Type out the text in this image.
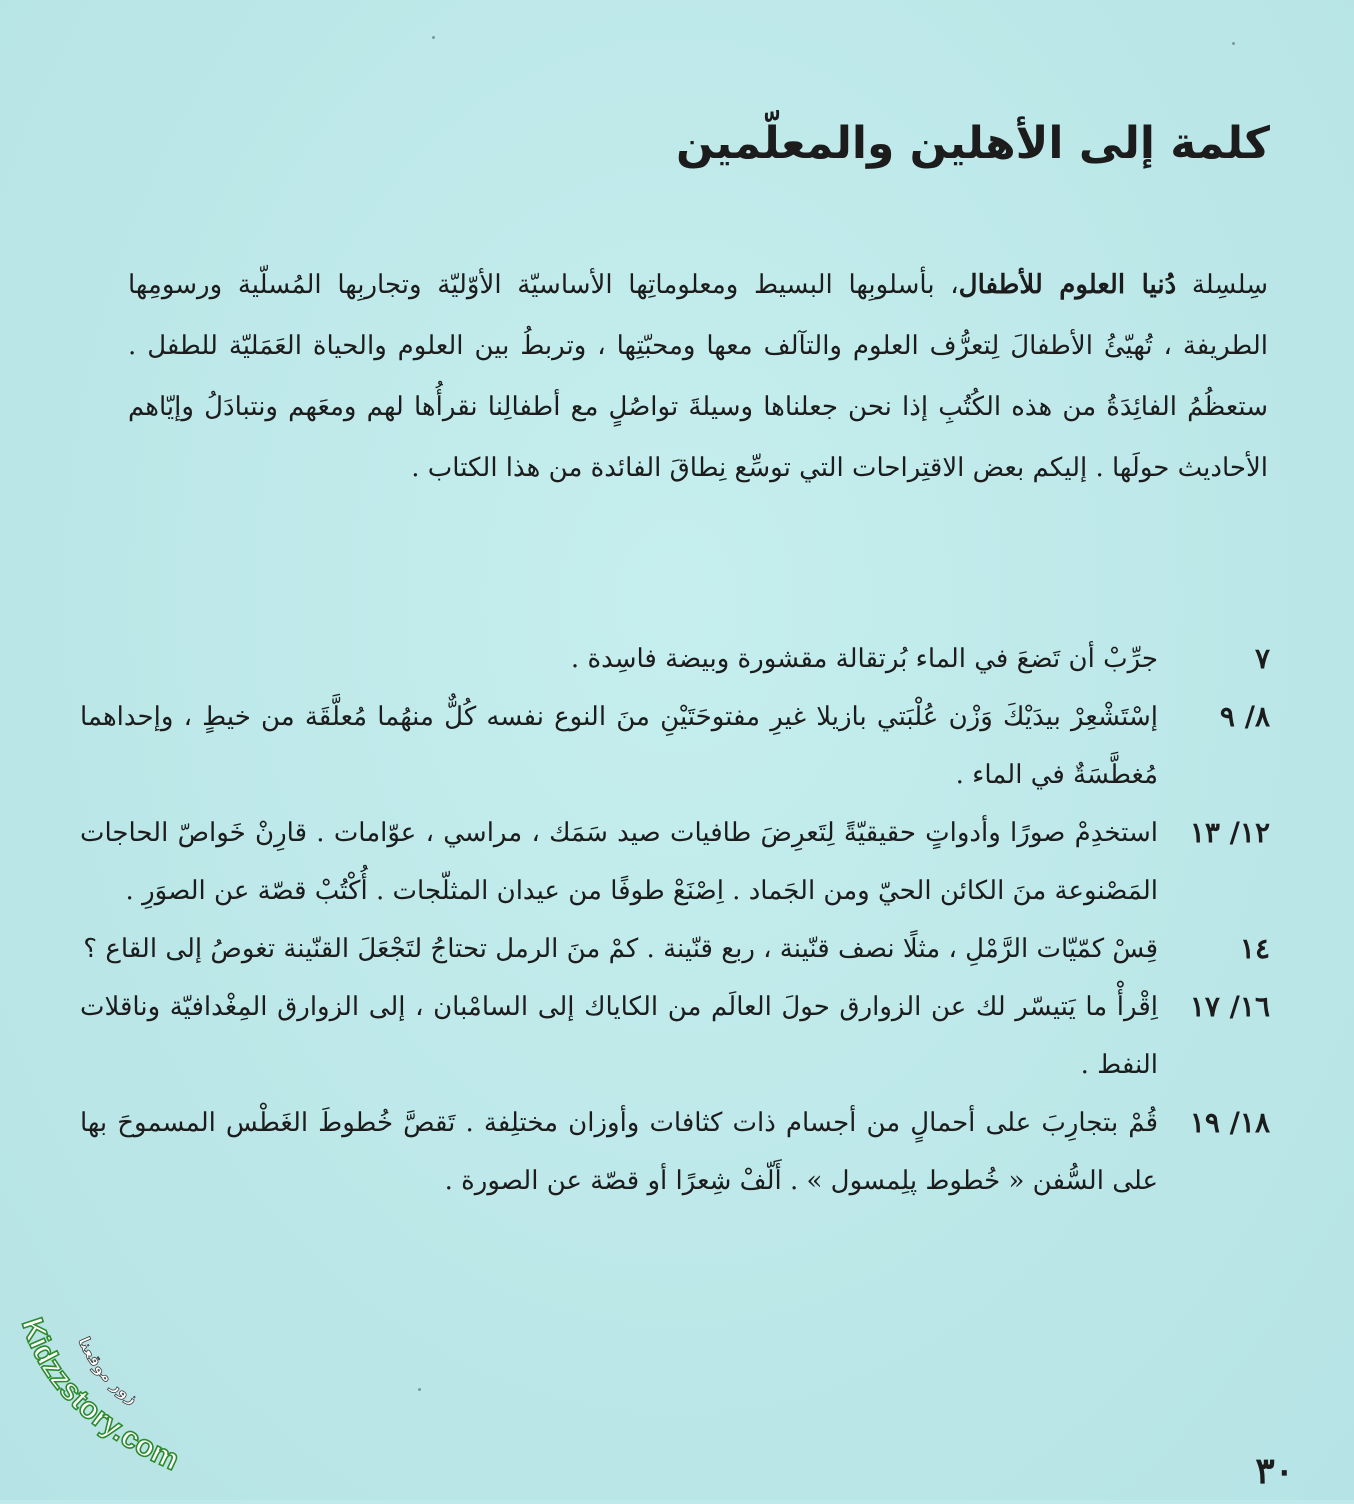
كلمة إلى الأهلين والمعلّمين

سِلسِلة دُنيا العلوم للأطفال، بأسلوبِها البسيط ومعلوماتِها الأساسيّة الأوّليّة وتجاربِها المُسلّية ورسومِها الطريفة ، تُهيّئُ الأطفالَ لِتعرُّف العلوم والتآلف معها ومحبّتِها ، وتربطُ بين العلوم والحياة العَمَليّة للطفل . ستعظُمُ الفائِدَةُ من هذه الكُتُبِ إذا نحن جعلناها وسيلةَ تواصُلٍ مع أطفالِنا نقرأُها لهم ومعَهم ونتبادَلُ وإيّاهم الأحاديث حولَها . إليكم بعض الاقتِراحات التي توسِّع نِطاقَ الفائدة من هذا الكتاب .

٧
جرِّبْ أن تَضعَ في الماء بُرتقالة مقشورة وبيضة فاسِدة .
٨/ ٩
إسْتَشْعِرْ بيدَيْكَ وَزْن عُلْبَتي بازيلا غيرِ مفتوحَتَيْنِ منَ النوع نفسه كُلٌّ منهُما مُعلَّقَة من خيطٍ ، وإحداهما مُغطَّسَةٌ في الماء .
١٢/ ١٣
استخدِمْ صورًا وأدواتٍ حقيقيّةً لِتَعرِضَ طافيات صيد سَمَك ، مراسي ، عوّامات . قارِنْ خَواصّ الحاجات المَصْنوعة منَ الكائن الحيّ ومن الجَماد . اِصْنَعْ طوفًا من عيدان المثلّجات . أُكْتُبْ قصّة عن الصوَرِ .
١٤
قِسْ كمّيّات الرَّمْلِ ، مثلًا نصف قنّينة ، ربع قنّينة . كمْ منَ الرمل تحتاجُ لتَجْعَلَ القنّينة تغوصُ إلى القاع ؟
١٦/ ١٧
اِقْرأْ ما يَتيسّر لك عن الزوارق حولَ العالَم من الكاياك إلى السامْبان ، إلى الزوارق المِغْدافيّة وناقلات النفط .
١٨/ ١٩
قُمْ بتجارِبَ على أحمالٍ من أجسام ذات كثافات وأوزان مختلِفة . تَقصَّ خُطوطَ الغَطْس المسموحَ بها على السُّفن « خُطوط پلِمسول » . أَلّفْ شِعرًا أو قصّة عن الصورة .
٣٠
Kidzzstory.com
زور موقعنا
